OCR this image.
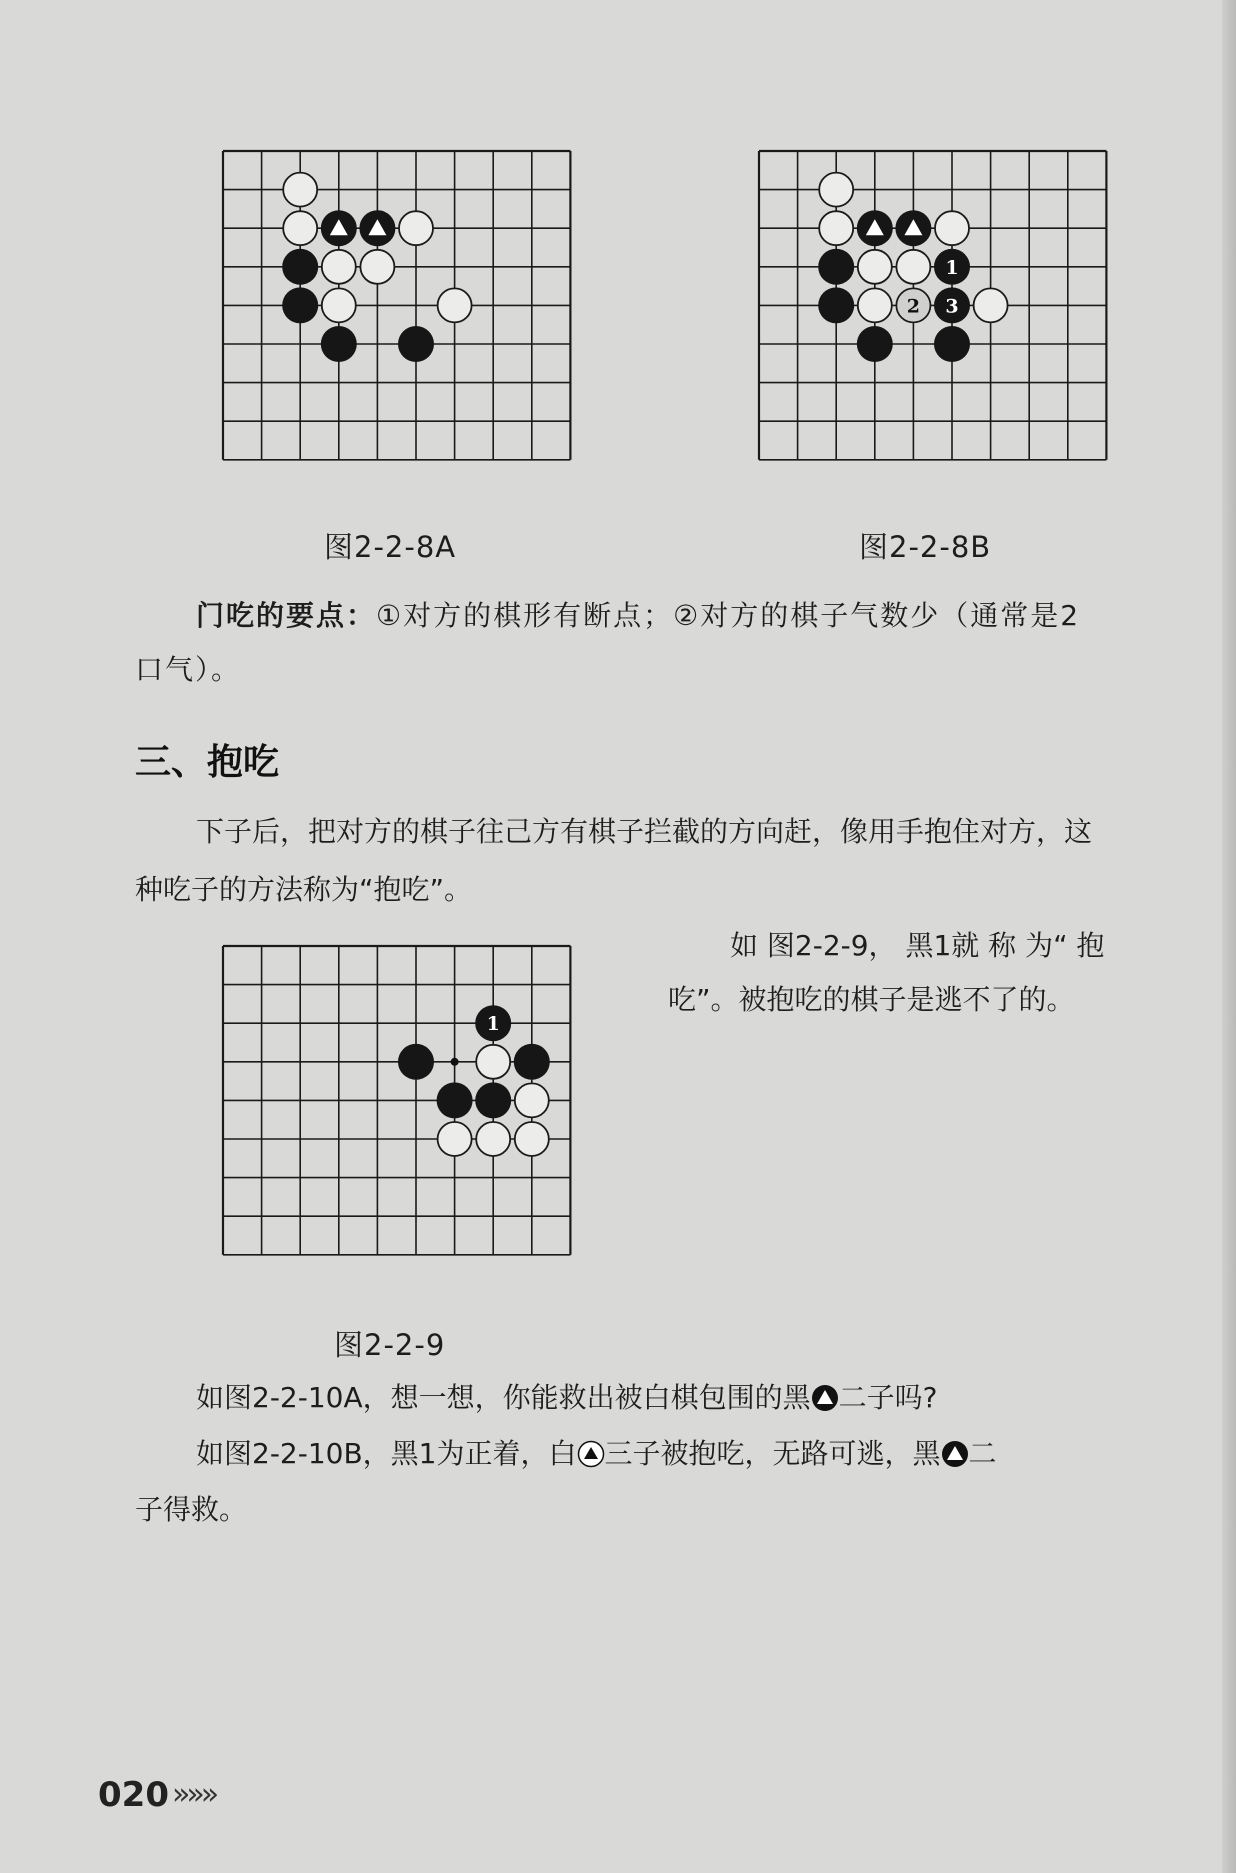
图2-2-8A
1
2 3
图2-2-8B
门吃的要点：①对方的棋形有断点；②对方的棋子气数少（通常是2
口气）。
三、抱吃
下子后，把对方的棋子往己方有棋子拦截的方向赶，像用手抱住对方，这
种吃子的方法称为“抱吃”。
1
图2-2-9
如 图2-2-9， 黑1就 称 为“ 抱
吃”。被抱吃的棋子是逃不了的。
如图2-2-10A，想一想，你能救出被白棋包围的黑 二子吗?
如图2-2-10B，黑1为正着，白 三子被抱吃，无路可逃，黑 二
子得救。
020 »»»
